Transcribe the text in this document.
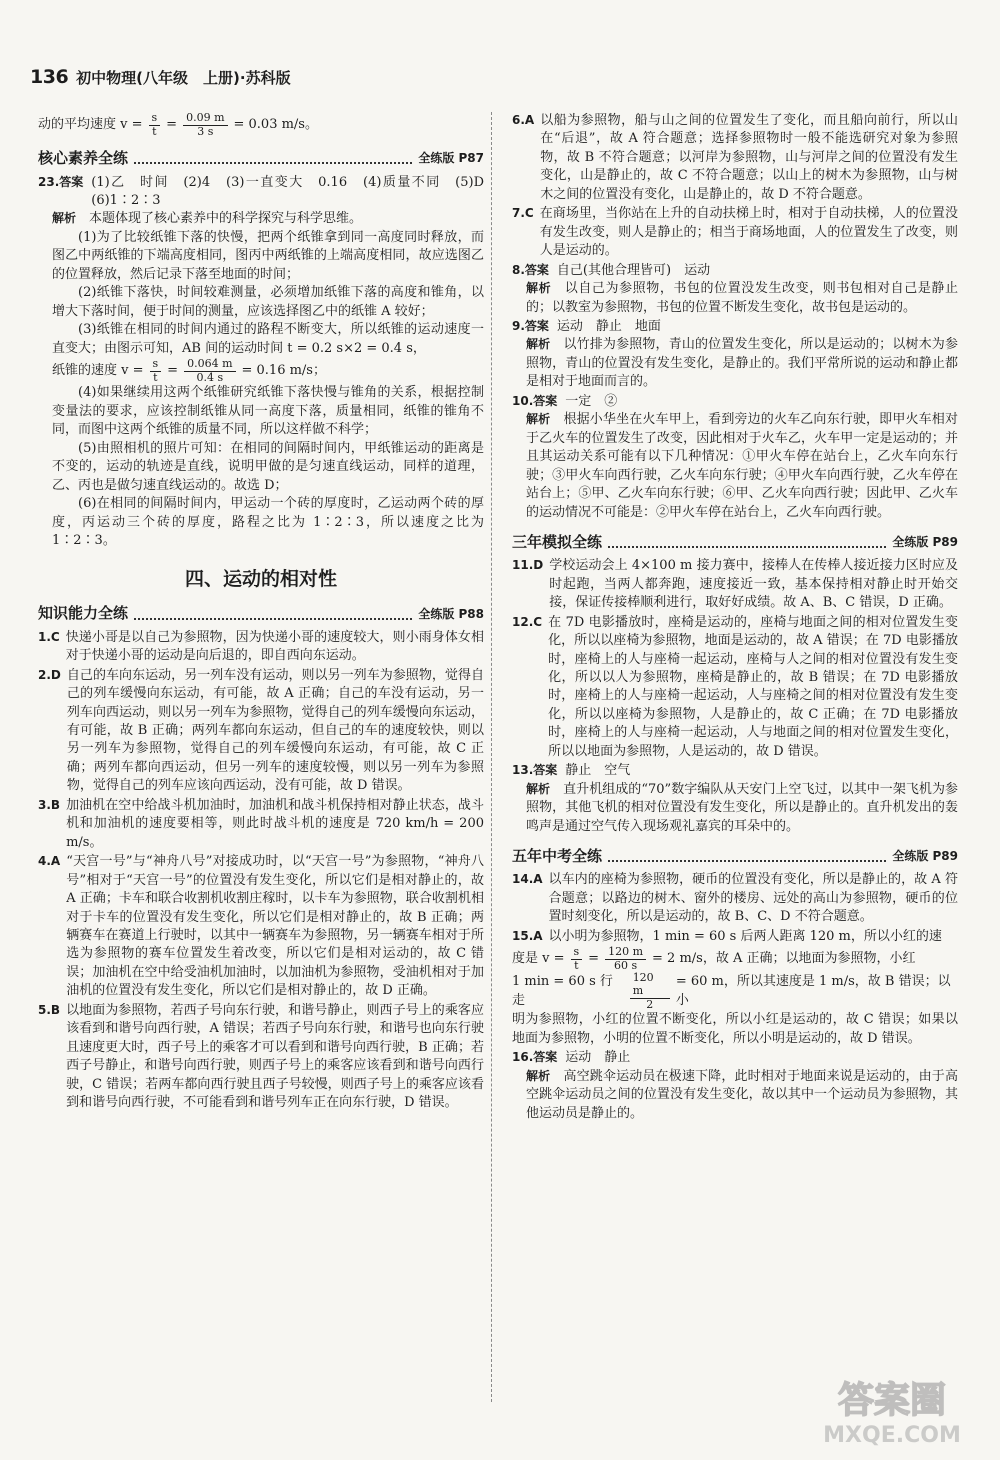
136 初中物理(八年级　上册)·苏科版
动的平均速度 $v = \frac{s}{t} = \frac{0.09 m}{3 s} = 0.03$ m/s。
核心素养全练	全练版 P87
23.答案 (1)乙　时间　(2)4　(3)一直变大　0.16　(4)质量不同　(5)D　(6)1∶2∶3
解析　 本题体现了核心素养中的科学探究与科学思维。
(1)为了比较纸锥下落的快慢，把两个纸锥拿到同一高度同时释放，而图乙中两纸锥的下端高度相同，图丙中两纸锥的上端高度相同，故应选图乙的位置释放，然后记录下落至地面的时间；
(2)纸锥下落快，时间较难测量，必须增加纸锥下落的高度和锥角，以增大下落时间，便于时间的测量，应该选择图乙中的纸锥 A 较好；
(3)纸锥在相同的时间内通过的路程不断变大，所以纸锥的运动速度一直变大；由图示可知，AB 间的运动时间 t = 0.2 s×2 = 0.4 s，
纸锥的速度 $v = \frac{s}{t} = \frac{0.064 m}{0.4 s} = 0.16$ m/s；
(4)如果继续用这两个纸锥研究纸锥下落快慢与锥角的关系，根据控制变量法的要求，应该控制纸锥从同一高度下落，质量相同，纸锥的锥角不同，而图中这两个纸锥的质量不同，所以这样做不科学；
(5)由照相机的照片可知：在相同的间隔时间内，甲纸锥运动的距离是不变的，运动的轨迹是直线，说明甲做的是匀速直线运动，同样的道理，乙、丙也是做匀速直线运动的。故选 D；
(6)在相同的间隔时间内，甲运动一个砖的厚度时，乙运动两个砖的厚度，丙运动三个砖的厚度，路程之比为 1∶2∶3，所以速度之比为 1∶2∶3。
四、运动的相对性
知识能力全练	全练版 P88
1.C 快递小哥是以自己为参照物，因为快递小哥的速度较大，则小雨身体女相对于快递小哥的运动是向后退的，即自西向东运动。
2.D 自己的车向东运动，另一列车没有运动，则以另一列车为参照物，觉得自己的列车缓慢向东运动，有可能，故 A 正确；自己的车没有运动，另一列车向西运动，则以另一列车为参照物，觉得自己的列车缓慢向东运动，有可能，故 B 正确；两列车都向东运动，但自己的车的速度较快，则以另一列车为参照物，觉得自己的列车缓慢向东运动，有可能，故 C 正确；两列车都向西运动，但另一列车的速度较慢，则以另一列车为参照物，觉得自己的列车应该向西运动，没有可能，故 D 错误。
3.B 加油机在空中给战斗机加油时，加油机和战斗机保持相对静止状态，战斗机和加油机的速度要相等，则此时战斗机的速度是 720 km/h = 200 m/s。
4.A “天宫一号”与“神舟八号”对接成功时，以“天宫一号”为参照物，“神舟八号”相对于“天宫一号”的位置没有发生变化，所以它们是相对静止的，故 A 正确；卡车和联合收割机收割庄稼时，以卡车为参照物，联合收割机相对于卡车的位置没有发生变化，所以它们是相对静止的，故 B 正确；两辆赛车在赛道上行驶时，以其中一辆赛车为参照物，另一辆赛车相对于所选为参照物的赛车位置发生着改变，所以它们是相对运动的，故 C 错误；加油机在空中给受油机加油时，以加油机为参照物，受油机相对于加油机的位置没有发生变化，所以它们是相对静止的，故 D 正确。
5.B 以地面为参照物，若西子号向东行驶，和谐号静止，则西子号上的乘客应该看到和谐号向西行驶，A 错误；若西子号向东行驶，和谐号也向东行驶且速度更大时，西子号上的乘客才可以看到和谐号向西行驶，B 正确；若西子号静止，和谐号向西行驶，则西子号上的乘客应该看到和谐号向西行驶，C 错误；若两车都向西行驶且西子号较慢，则西子号上的乘客应该看到和谐号向西行驶，不可能看到和谐号列车正在向东行驶，D 错误。
6.A 以船为参照物，船与山之间的位置发生了变化，而且船向前行，所以山在“后退”，故 A 符合题意；选择参照物时一般不能选研究对象为参照物，故 B 不符合题意；以河岸为参照物，山与河岸之间的位置没有发生变化，山是静止的，故 C 不符合题意；以山上的树木为参照物，山与树木之间的位置没有变化，山是静止的，故 D 不符合题意。
7.C 在商场里，当你站在上升的自动扶梯上时，相对于自动扶梯，人的位置没有发生改变，则人是静止的；相当于商场地面，人的位置发生了改变，则人是运动的。
8.答案 自己(其他合理皆可)　运动
解析　 以自己为参照物，书包的位置没发生改变，则书包相对自己是静止的；以教室为参照物，书包的位置不断发生变化，故书包是运动的。
9.答案 运动　静止　地面
解析　 以竹排为参照物，青山的位置发生变化，所以是运动的；以树木为参照物，青山的位置没有发生变化，是静止的。我们平常所说的运动和静止都是相对于地面而言的。
10.答案 一定　②
解析　 根据小华坐在火车甲上，看到旁边的火车乙向东行驶，即甲火车相对于乙火车的位置发生了改变，因此相对于火车乙，火车甲一定是运动的；并且其运动关系可能有以下几种情况：①甲火车停在站台上，乙火车向东行驶；③甲火车向西行驶，乙火车向东行驶；④甲火车向西行驶，乙火车停在站台上；⑤甲、乙火车向东行驶；⑥甲、乙火车向西行驶；因此甲、乙火车的运动情况不可能是：②甲火车停在站台上，乙火车向西行驶。
三年模拟全练	全练版 P89
11.D 学校运动会上 4×100 m 接力赛中，接棒人在传棒人接近接力区时应及时起跑，当两人都奔跑，速度接近一致，基本保持相对静止时开始交接，保证传接棒顺利进行，取好好成绩。故 A、B、C 错误，D 正确。
12.C 在 7D 电影播放时，座椅是运动的，座椅与地面之间的相对位置发生变化，所以以座椅为参照物，地面是运动的，故 A 错误；在 7D 电影播放时，座椅上的人与座椅一起运动，座椅与人之间的相对位置没有发生变化，所以以人为参照物，座椅是静止的，故 B 错误；在 7D 电影播放时，座椅上的人与座椅一起运动，人与座椅之间的相对位置没有发生变化，所以以座椅为参照物，人是静止的，故 C 正确；在 7D 电影播放时，座椅上的人与座椅一起运动，人与地面之间的相对位置发生变化，所以以地面为参照物，人是运动的，故 D 错误。
13.答案 静止　空气
解析　 直升机组成的“70”数字编队从天安门上空飞过，以其中一架飞机为参照物，其他飞机的相对位置没有发生变化，所以是静止的。直升机发出的轰鸣声是通过空气传入现场观礼嘉宾的耳朵中的。
五年中考全练	全练版 P89
14.A 以车内的座椅为参照物，硬币的位置没有变化，所以是静止的，故 A 符合题意；以路边的树木、窗外的楼房、远处的高山为参照物，硬币的位置时刻变化，所以是运动的，故 B、C、D 不符合题意。
15.A 以小明为参照物，1 min = 60 s 后两人距离 120 m，所以小红的速
度是 $v = \frac{s}{t} = \frac{120 m}{60 s} = 2$ m/s，故 A 正确；以地面为参照物，小红
1 min = 60 s 行走	$\frac{120 m}{2} = 60$ m，所以其速度是 1 m/s，故 B 错误；以小
明为参照物，小红的位置不断变化，所以小红是运动的，故 C 错误；如果以地面为参照物，小明的位置不断变化，所以小明是运动的，故 D 错误。
16.答案 运动　静止
解析　 高空跳伞运动员在极速下降，此时相对于地面来说是运动的，由于高空跳伞运动员之间的位置没有发生变化，故以其中一个运动员为参照物，其他运动员是静止的。
答案圈
MXQE.COM
